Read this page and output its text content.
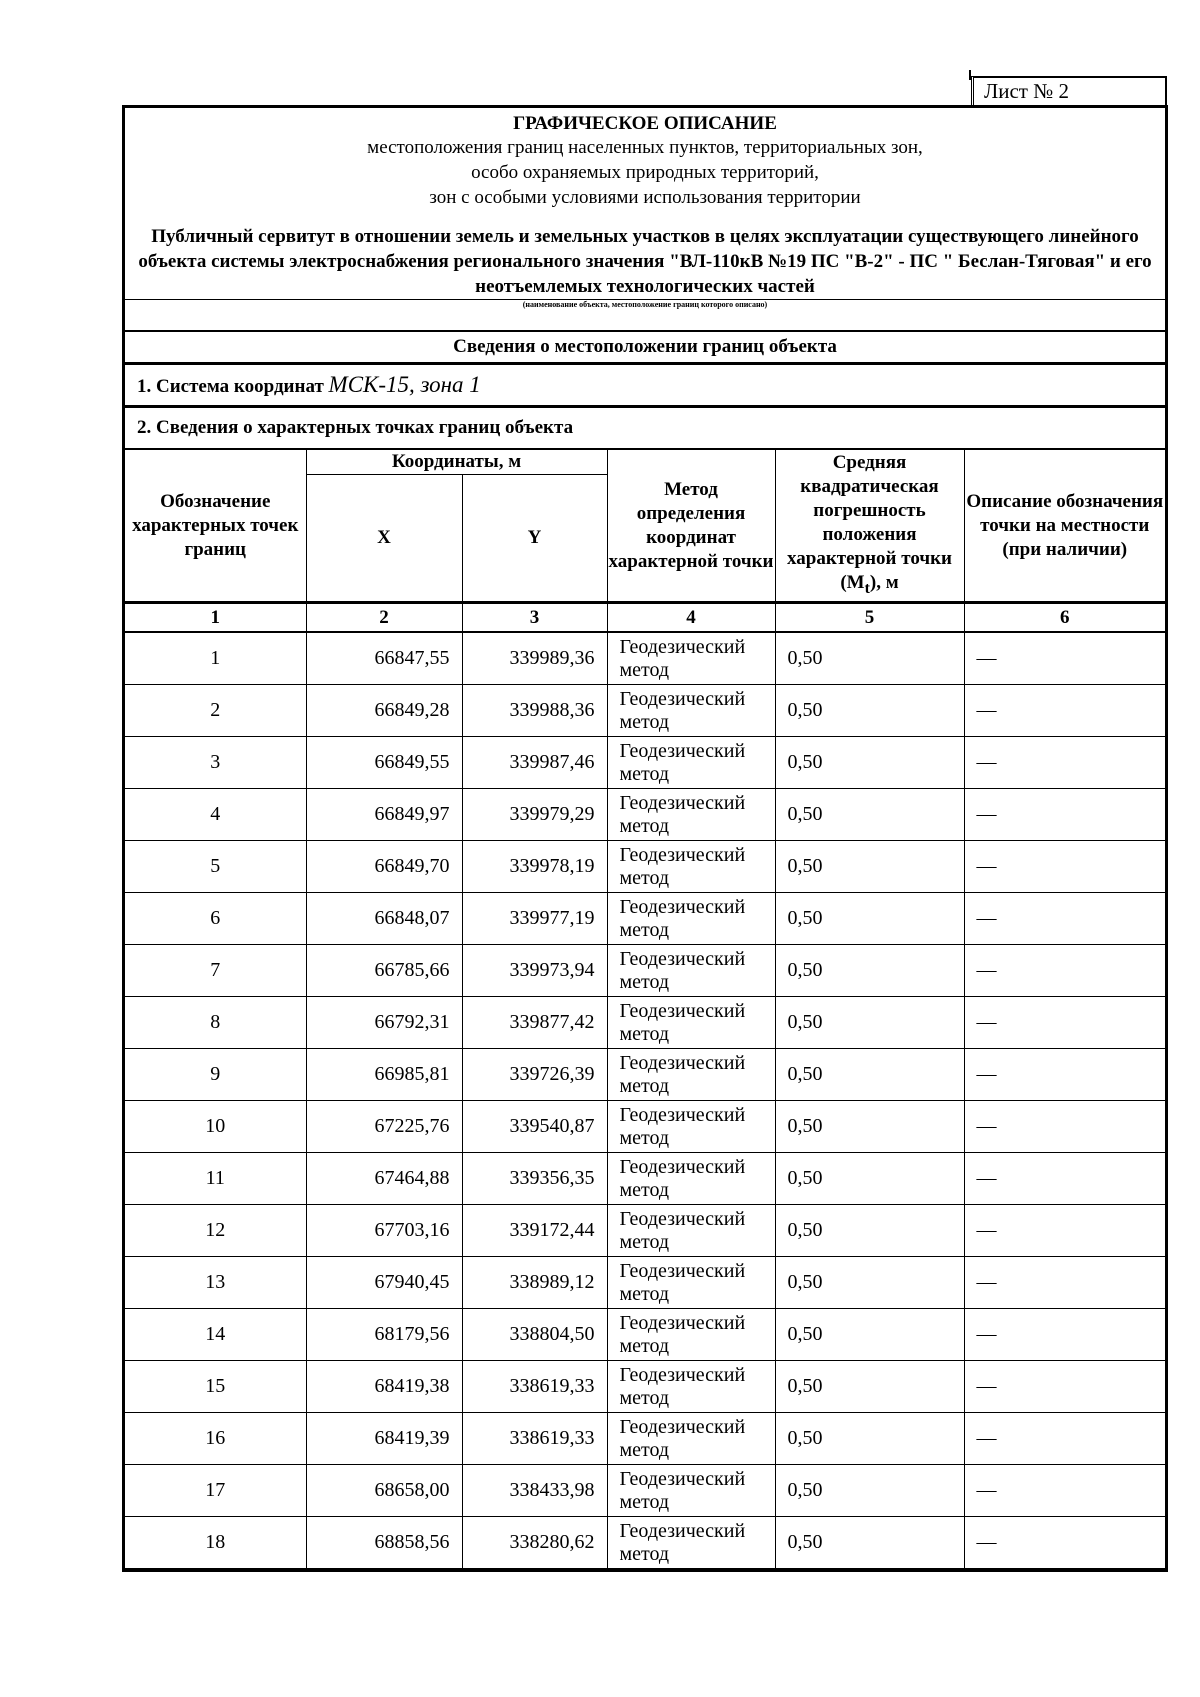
Лист № 2
ГРАФИЧЕСКОЕ ОПИСАНИЕ
местоположения границ населенных пунктов, территориальных зон,
особо охраняемых природных территорий,
зон с особыми условиями использования территории
Публичный сервитут в отношении земель и земельных участков в целях эксплуатации существующего линейного объекта системы электроснабжения регионального значения "ВЛ-110кВ №19 ПС "В-2" - ПС " Беслан-Тяговая" и его неотъемлемых технологических частей
(наименование объекта, местоположение границ которого описано)
Сведения о местоположении границ объекта
1. Система координат МСК-15, зона 1
2. Сведения о характерных точках границ объекта
Обозначение характерных точек границ	Координаты, м		Метод определения координат характерной точки	Средняя квадратическая погрешность положения характерной точки $(M_t)$, м	Описание обозначения точки на местности (при наличии)
	X	Y			
1	2	3	4	5	6
1	66847,55	339989,36	Геодезический метод	0,50	—
2	66849,28	339988,36	Геодезический метод	0,50	—
3	66849,55	339987,46	Геодезический метод	0,50	—
4	66849,97	339979,29	Геодезический метод	0,50	—
5	66849,70	339978,19	Геодезический метод	0,50	—
6	66848,07	339977,19	Геодезический метод	0,50	—
7	66785,66	339973,94	Геодезический метод	0,50	—
8	66792,31	339877,42	Геодезический метод	0,50	—
9	66985,81	339726,39	Геодезический метод	0,50	—
10	67225,76	339540,87	Геодезический метод	0,50	—
11	67464,88	339356,35	Геодезический метод	0,50	—
12	67703,16	339172,44	Геодезический метод	0,50	—
13	67940,45	338989,12	Геодезический метод	0,50	—
14	68179,56	338804,50	Геодезический метод	0,50	—
15	68419,38	338619,33	Геодезический метод	0,50	—
16	68419,39	338619,33	Геодезический метод	0,50	—
17	68658,00	338433,98	Геодезический метод	0,50	—
18	68858,56	338280,62	Геодезический метод	0,50	—
